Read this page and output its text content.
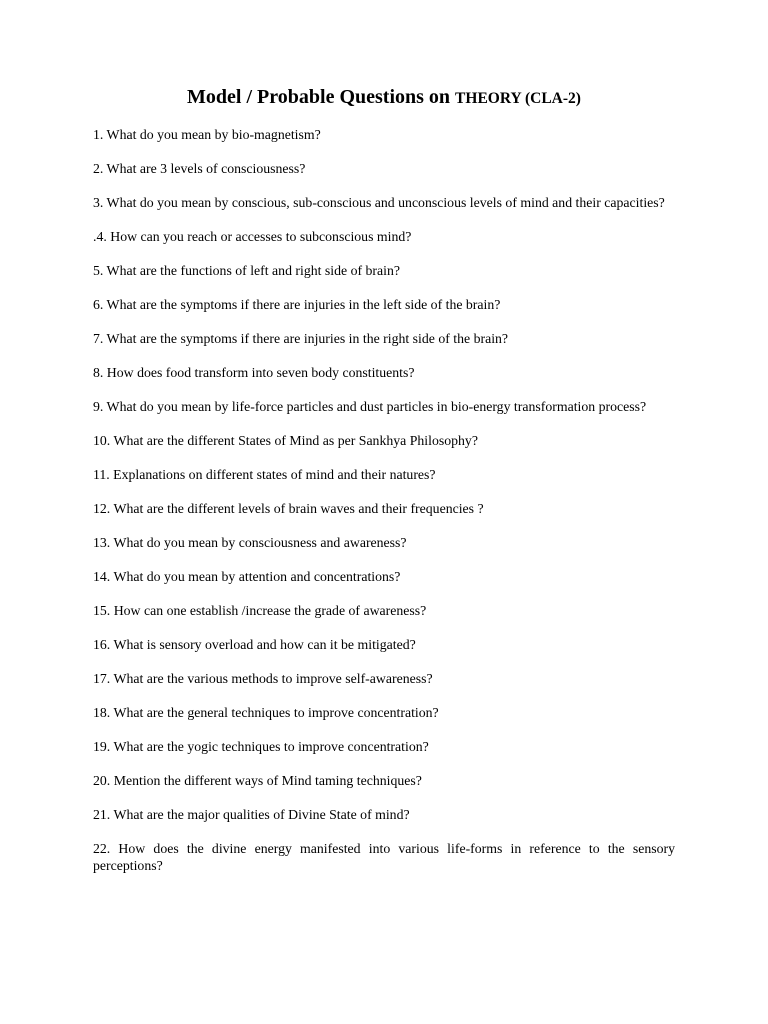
Model / Probable Questions on THEORY (CLA-2)
1. What do you mean by bio-magnetism?
2. What are 3 levels of consciousness?
3. What do you mean by conscious, sub-conscious and unconscious levels of mind and their capacities?
.4. How can you reach or accesses to subconscious mind?
5. What are the functions of left and right side of brain?
6. What are the symptoms if there are injuries in the left side of the brain?
7. What are the symptoms if there are injuries in the right side of the brain?
8. How does food transform into seven body constituents?
9. What do you mean by life-force particles and dust particles in bio-energy transformation process?
10. What are the different States of Mind as per Sankhya Philosophy?
11. Explanations on different states of mind and their natures?
12. What are the different levels of brain waves and their frequencies ?
13. What do you mean by consciousness and awareness?
14. What do you mean by attention and concentrations?
15. How can one establish /increase the grade of awareness?
16. What is sensory overload and how can it be mitigated?
17. What are the various methods to improve self-awareness?
18. What are the general techniques to improve concentration?
19. What are the yogic techniques to improve concentration?
20. Mention the different ways of Mind taming techniques?
21. What are the major qualities of Divine State of mind?
22. How does the divine energy manifested into various life-forms in reference to the sensory perceptions?
